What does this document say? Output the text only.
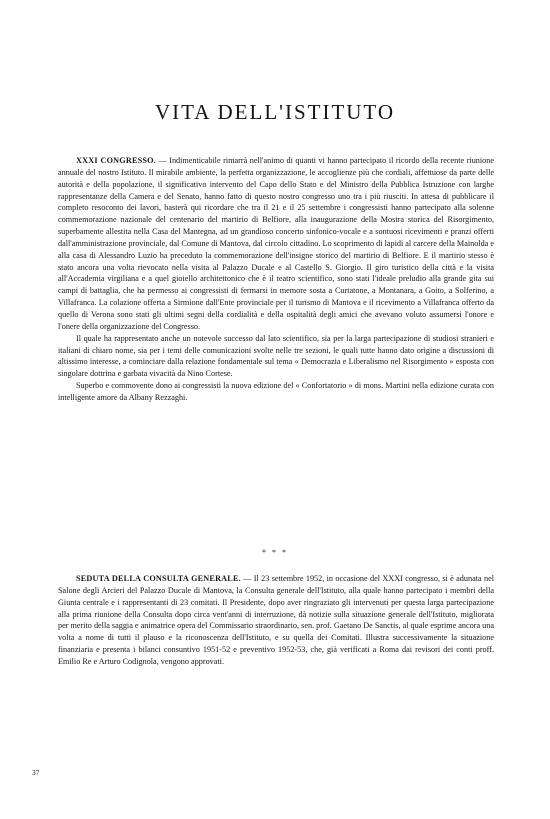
VITA DELL'ISTITUTO

XXXI CONGRESSO. — Indimenticabile rimarrà nell'animo di quanti vi hanno partecipato il ricordo della recente riunione annuale del nostro Istituto. Il mirabile ambiente, la perfetta organizzazione, le accoglienze più che cordiali, affettuose da parte delle autorità e della popolazione, il significativo intervento del Capo dello Stato e del Ministro della Pubblica Istruzione con larghe rappresentanze della Camera e del Senato, hanno fatto di questo nostro congresso uno tra i più riusciti. In attesa di pubblicare il completo resoconto dei lavori, basterà qui ricordare che tra il 21 e il 25 settembre i congressisti hanno partecipato alla solenne commemorazione nazionale del centenario del martirio di Belfiore, alla inaugurazione della Mostra storica del Risorgimento, superbamente allestita nella Casa del Mantegna, ad un grandioso concerto sinfonico-vocale e a sontuosi ricevimenti e pranzi offerti dall'amministrazione provinciale, dal Comune di Mantova, dal circolo cittadino. Lo scoprimento di lapidi al carcere della Mainolda e alla casa di Alessandro Luzio ha preceduto la commemorazione dell'insigne storico del martirio di Belfiore. E il martirio stesso è stato ancora una volta rievocato nella visita al Palazzo Ducale e al Castello S. Giorgio. Il giro turistico della città e la visita all'Accademia virgiliana e a quel gioiello architettonico che è il teatro scientifico, sono stati l'ideale preludio alla grande gita sui campi di battaglia, che ha permesso ai congressisti di fermarsi in memore sosta a Curtatone, a Montanara, a Goito, a Solferino, a Villafranca. La colazione offerta a Sirmione dall'Ente provinciale per il turismo di Mantova e il ricevimento a Villafranca offerto da quello di Verona sono stati gli ultimi segni della cordialità e della ospitalità degli amici che avevano voluto assumersi l'onore e l'onere della organizzazione del Congresso.

Il quale ha rappresentato anche un notevole successo dal lato scientifico, sia per la larga partecipazione di studiosi stranieri e italiani di chiaro nome, sia per i temi delle comunicazioni svolte nelle tre sezioni, le quali tutte hanno dato origine a discussioni di altissimo interesse, a cominciare dalla relazione fondamentale sul tema « Democrazia e Liberalismo nel Risorgimento » esposta con singolare dottrina e garbata vivacità da Nino Cortese.

Superbo e commovente dono ai congressisti la nuova edizione del « Confortatorio » di mons. Martini nella edizione curata con intelligente amore da Albany Rezzaghi.

* * *

SEDUTA DELLA CONSULTA GENERALE. — Il 23 settembre 1952, in occasione del XXXI congresso, si è adunata nel Salone degli Arcieri del Palazzo Ducale di Mantova, la Consulta generale dell'Istituto, alla quale hanno partecipato i membri della Giunta centrale e i rappresentanti di 23 comitati. Il Presidente, dopo aver ringraziato gli intervenuti per questa larga partecipazione alla prima riunione della Consulta dopo circa vent'anni di interruzione, dà notizie sulla situazione generale dell'Istituto, migliorata per merito della saggia e animatrice opera del Commissario straordinario, sen. prof. Gaetano De Sanctis, al quale esprime ancora una volta a nome di tutti il plauso e la riconoscenza dell'Istituto, e su quella dei Comitati. Illustra successivamente la situazione finanziaria e presenta i bilanci consuntivo 1951-52 e preventivo 1952-53, che, già verificati a Roma dai revisori dei conti proff. Emilio Re e Arturo Codignola, vengono approvati.

37
